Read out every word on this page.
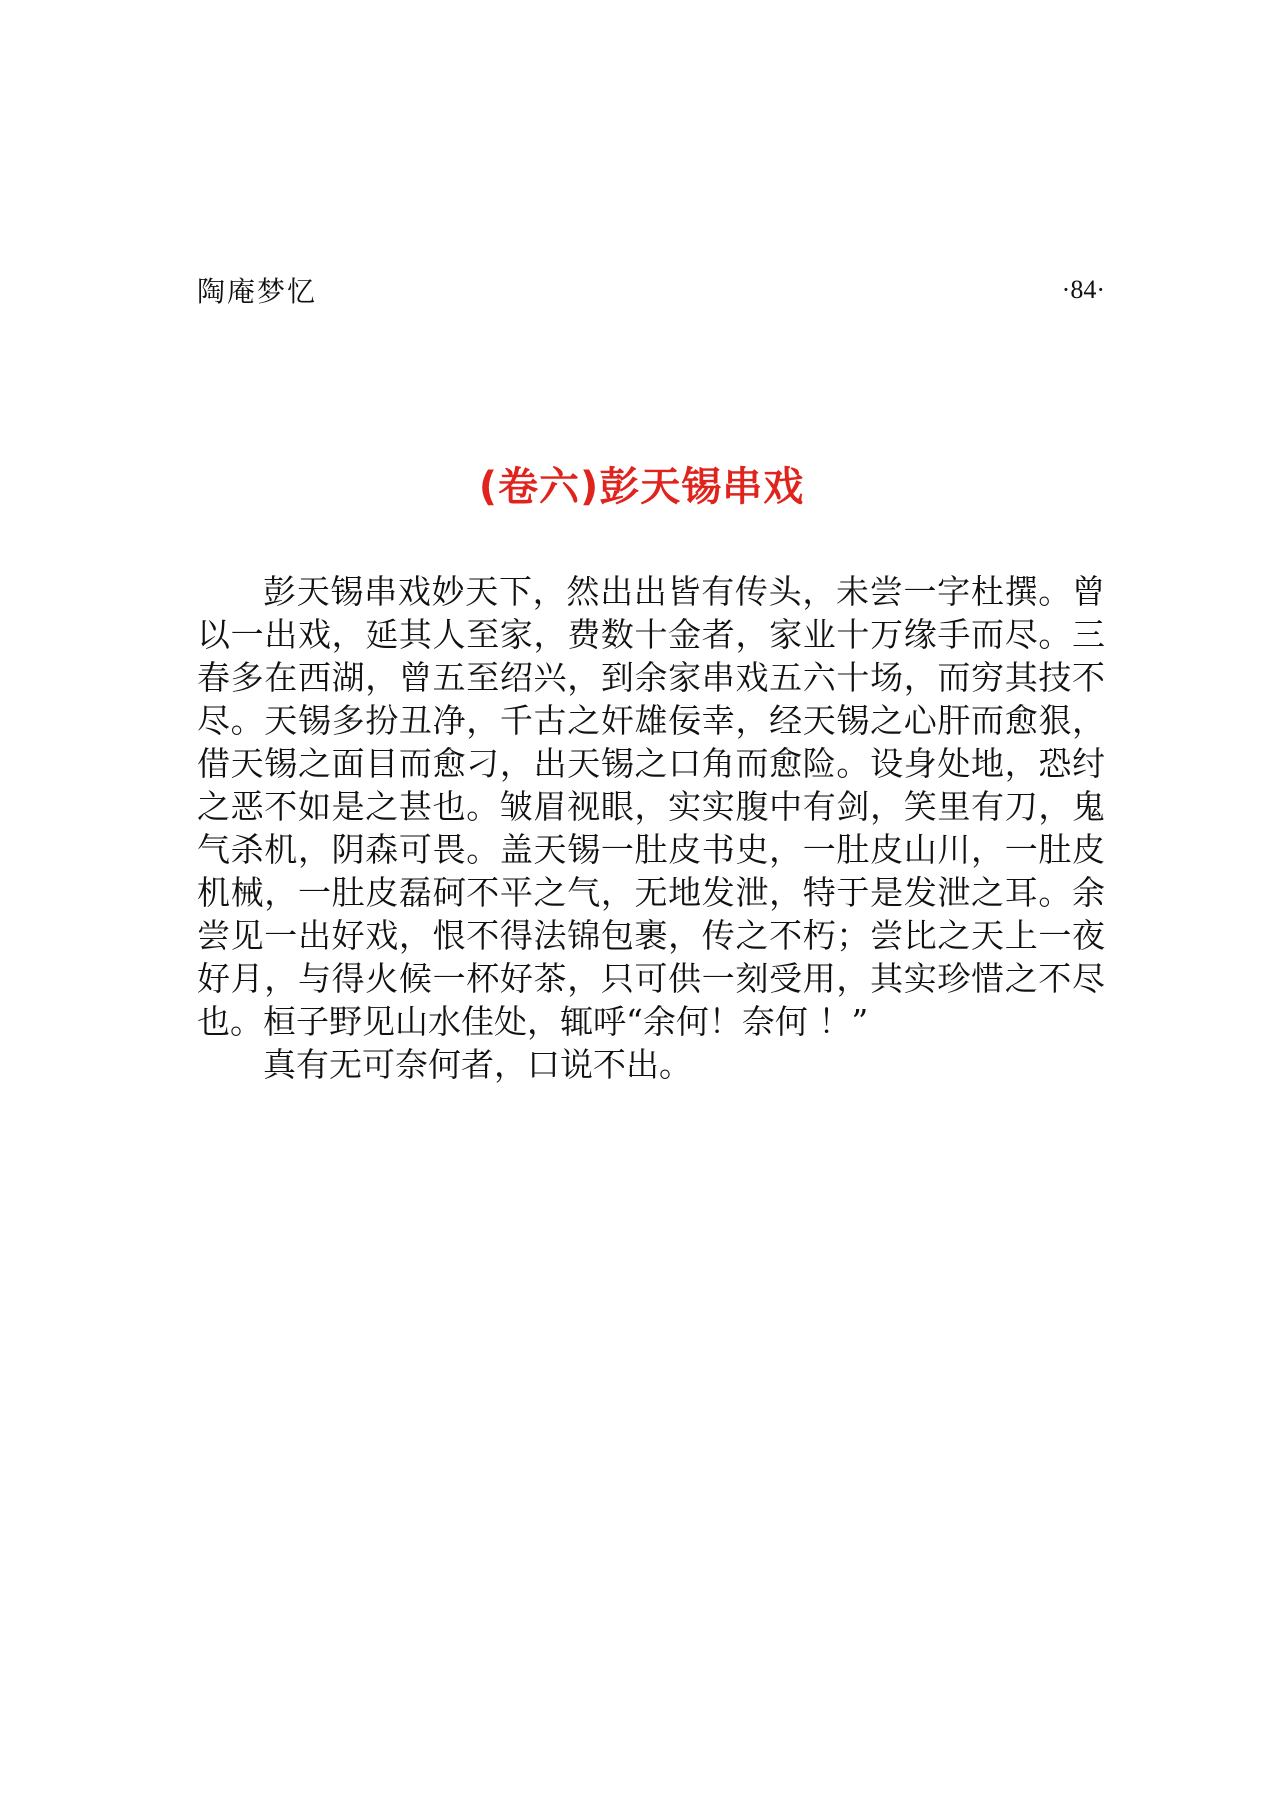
陶庵梦忆	·84·
(卷六)彭天锡串戏

彭天锡串戏妙天下，然出出皆有传头，未尝一字杜撰。曾以一出戏，延其人至家，费数十金者，家业十万缘手而尽。三春多在西湖，曾五至绍兴，到余家串戏五六十场，而穷其技不尽。天锡多扮丑净，千古之奸雄佞幸，经天锡之心肝而愈狠，借天锡之面目而愈刁，出天锡之口角而愈险。设身处地，恐纣之恶不如是之甚也。皱眉视眼，实实腹中有剑，笑里有刀，鬼气杀机，阴森可畏。盖天锡一肚皮书史，一肚皮山川，一肚皮机械，一肚皮磊砢不平之气，无地发泄，特于是发泄之耳。余尝见一出好戏，恨不得法锦包裹，传之不朽；尝比之天上一夜好月，与得火候一杯好茶，只可供一刻受用，其实珍惜之不尽也。桓子野见山水佳处，辄呼“余何！奈何 ！”

真有无可奈何者，口说不出。
